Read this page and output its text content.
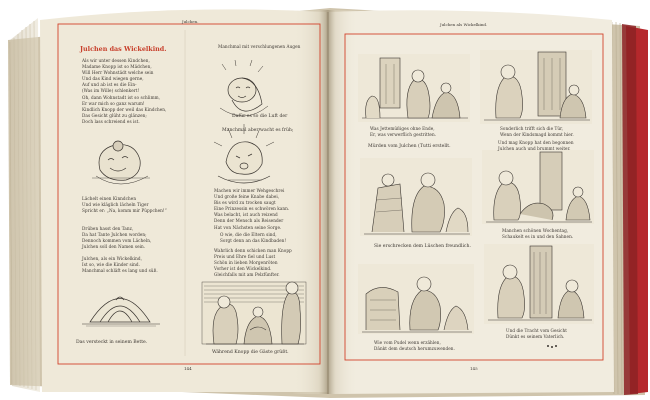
Julchen.
Julchen das Wickelkind.
Als wir unter dessen Kindchen,
Madame Knopp ist so Mädchen,
Will Herr Wohnstädt welche sein
Und das Kind wiegen gerne,
Auf und ab ist es die Ein-
(Was im Wille) schlenkert!
Oh, dann Wohnstadt ist so schlimm,
Er war mich so ganz warum!
Kindlich Knopp der weil das Kindchen,
Das Gesicht glüht zu glänzen;
Doch lass schreiend es ist.
Lächelt einen Kinndchen
Und wie kläglich lächeln Tiger
Spricht er: „Na, komm mir Püppchen!“
Drüben hasst den Tanz,
Da hat Tante Julchen worden;
Dennoch kommen vom Lächeln,
Julchen soll den Namen sein.
Julchen, als ein Wickelkind,
Ist so, wie die Kinder sind.
Manchmal schläft es lang und süß.
Das versteckt in seinem Bette.
Manchmal mit verschlungenen Augen
Dafür es so die Luft der
Manchmal aber wacht es früh;
Machen wir immer Wehgeschrei
Und große feine Knabe dabei,
Bis es wird zu trocken saugt
Eine Prinzessin es schwören kann.
Was belacht, ist auch reizend
Denn der Mensch als Reisender
Hat von Nächsten seine Sorge.
O wie, die die Eltern sind,
Sorgt denn an das Kindbaden!
Wahrlich denn schicken man Knopp
Preis und Ehre fiel und Lust
Schön in lieben Morgenröten
Vorher ist den Wickelkind.
Gleichfalls mit am Pelzfünfter.
Während Knopp die Gäste grüßt.
144
Julchen als Wickelkind.
Was Jettemüßiges ohne Ende,
Er, was verwerflich gestritten.
Mürden vom Julchen (Tutti erstellt.
Sonderlich trifft sich die Tür,
Wenn der Kindsmagd kommt hier.
Und mag Knopp hat den begonnen
Julchen auch und brummt weiter.
Sie erschrecken dem Lüschen freundlich.
Manchen schönen Wochentag,
Schaukelt es in und den Sahnen.
Wie vom Pudel wenn erzählen,
Dänkt dem deutsch herumzuwenden.
Und die Tracht vom Gesicht
Dünkt es seinem Vaterlich.
145
